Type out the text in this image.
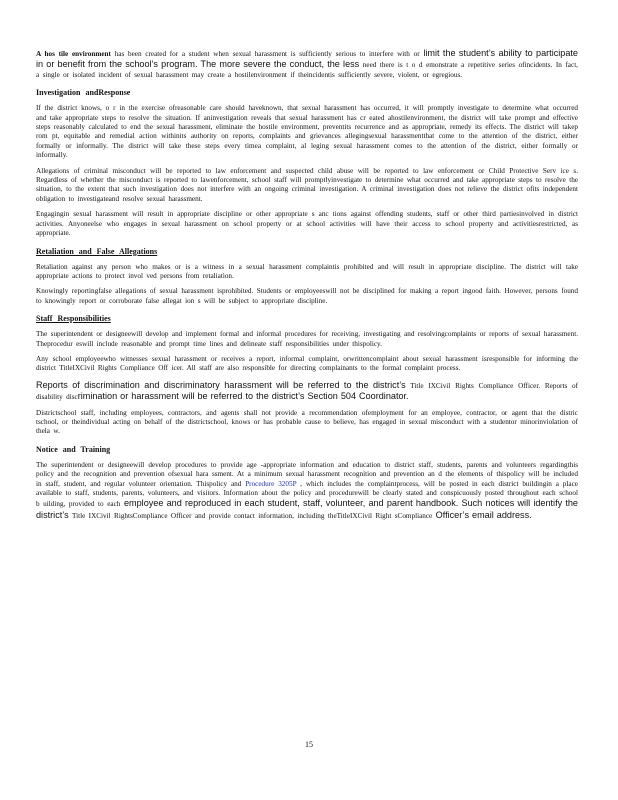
A hos tile environment has been created for a student when sexual harassment is sufficiently serious to interfere with or limit the student’s ability to participate in or benefit from the school’s program. The more severe the conduct, the less need there is t o d emonstrate a repetitive series ofincidents. In fact, a single or isolated incident of sexual harassment may create a hostilenvironment if theincidentis sufficiently severe, violent, or egregious.

Investigation andResponse

If the district knows, o r in the exercise ofreasonable care should haveknown, that sexual harassment has occurred, it will promptly investigate to determine what occurred and take appropriate steps to resolve the situation. If aninvestigation reveals that sexual harassment has cr eated ahostilenvironment, the district will take prompt and effective steps reasonably calculated to end the sexual harassment, eliminate the hostile environment, preventits recurrence and as appropriate, remedy its effects. The district will takep rom pt, equitable and remedial action withinits authority on reports, complaints and grievances allegingsexual harassmentthat come to the attention of the district, either formally or informally. The district will take these steps every timea complaint, al leging sexual harassment comes to the attention of the district, either formally or informally.

Allegations of criminal misconduct will be reported to law enforcement and suspected child abuse will be reported to law enforcement or Child Protective Serv ice s. Regardless of whether the misconduct is reported to lawenforcement, school staff will promptlyinvestigate to determine what occurred and take appropriate steps to resolve the situation, to the extent that such investigation does not interfere with an ongoing criminal investigation. A criminal investigation does not relieve the district ofits independent obligation to investigateand resolve sexual harassment.

Engagingin sexual harassment will result in appropriate discipline or other appropriate s anc tions against offending students, staff or other third partiesinvolved in district activities. Anyoneelse who engages in sexual harassment on school property or at school activities will have their access to school property and activitiesrestricted, as appropriate.

Retaliation and False Allegations

Retaliation against any person who makes or is a witness in a sexual harassment complaintis prohibited and will result in appropriate discipline. The district will take appropriate actions to protect invol ved persons from retaliation.

Knowingly reportingfalse allegations of sexual harassment isprohibited. Students or employeeswill not be disciplined for making a report ingood faith. However, persons found to knowingly report or corroborate false allegat ion s will be subject to appropriate discipline.

Staff Responsibilities

The superintendent or designeewill develop and implement formal and informal procedures for receiving, investigating and resolvingcomplaints or reports of sexual harassment. Theprocedur eswill include reasonable and prompt time lines and delineate staff responsibilities under thispolicy.

Any school employeewho witnesses sexual harassment or receives a report, informal complaint, orwrittencomplaint about sexual harassment isresponsible for informing the district TitleIXCivil Rights Compliance Off icer. All staff are also responsible for directing complainants to the formal complaint process.

Reports of discrimination and discriminatory harassment will be referred to the district’s Title IXCivil Rights Compliance Officer. Reports of disability discrimination or harassment will be referred to the district’s Section 504 Coordinator.

Districtschool staff, including employees, contractors, and agents shall not provide a recommendation ofemployment for an employee, contractor, or agent that the distric tschool, or theindividual acting on behalf of the districtschool, knows or has probable cause to believe, has engaged in sexual misconduct with a studentor minorinviolation of thela w.

Notice and Training

The superintendent or designeewill develop procedures to provide age -appropriate information and education to district staff, students, parents and volunteers regardingthis policy and the recognition and prevention ofsexual hara ssment. At a minimum sexual harassment recognition and prevention an d the elements of thispolicy will be included in staff, student, and regular volunteer orientation. Thispolicy and Procedure 3205P , which includes the complaintprocess, will be posted in each district buildingin a place available to staff, students, parents, volunteers, and visitors. Information about the policy and procedurewill be clearly stated and conspicuously posted throughout each school b uilding, provided to each employee and reproduced in each student, staff, volunteer, and parent handbook. Such notices will identify the district’s Title IXCivil RightsCompliance Officer and provide contact information, including theTitleIXCivil Right sCompliance Officer’s email address.

15
